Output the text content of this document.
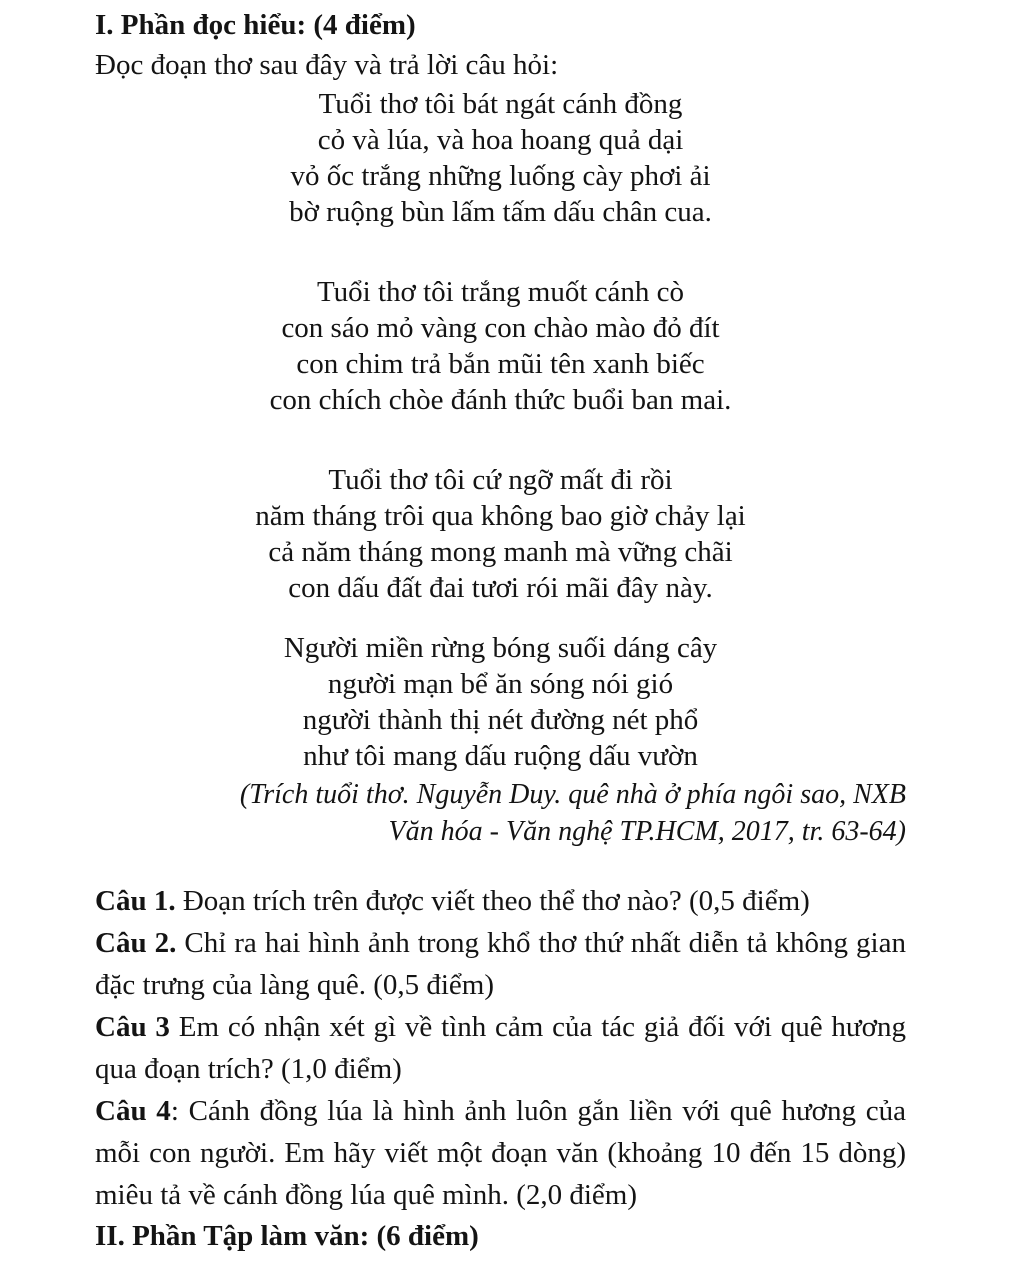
I. Phần đọc hiểu: (4 điểm)

Đọc đoạn thơ sau đây và trả lời câu hỏi:

Tuổi thơ tôi bát ngát cánh đồng

cỏ và lúa, và hoa hoang quả dại

vỏ ốc trắng những luống cày phơi ải

bờ ruộng bùn lấm tấm dấu chân cua.

Tuổi thơ tôi trắng muốt cánh cò

con sáo mỏ vàng con chào mào đỏ đít

con chim trả bắn mũi tên xanh biếc

con chích chòe đánh thức buổi ban mai.

Tuổi thơ tôi cứ ngỡ mất đi rồi

năm tháng trôi qua không bao giờ chảy lại

cả năm tháng mong manh mà vững chãi

con dấu đất đai tươi rói mãi đây này.

Người miền rừng bóng suối dáng cây

người mạn bể ăn sóng nói gió

người thành thị nét đường nét phổ

như tôi mang dấu ruộng dấu vườn

(Trích tuổi thơ. Nguyễn Duy. quê nhà ở phía ngôi sao, NXB

Văn hóa - Văn nghệ TP.HCM, 2017, tr. 63-64)

Câu 1. Đoạn trích trên được viết theo thể thơ nào? (0,5 điểm)

Câu 2. Chỉ ra hai hình ảnh trong khổ thơ thứ nhất diễn tả không gian đặc trưng của làng quê. (0,5 điểm)

Câu 3 Em có nhận xét gì về tình cảm của tác giả đối với quê hương qua đoạn trích? (1,0 điểm)

Câu 4: Cánh đồng lúa là hình ảnh luôn gắn liền với quê hương của mỗi con người. Em hãy viết một đoạn văn (khoảng 10 đến 15 dòng) miêu tả về cánh đồng lúa quê mình. (2,0 điểm)

II. Phần Tập làm văn: (6 điểm)
